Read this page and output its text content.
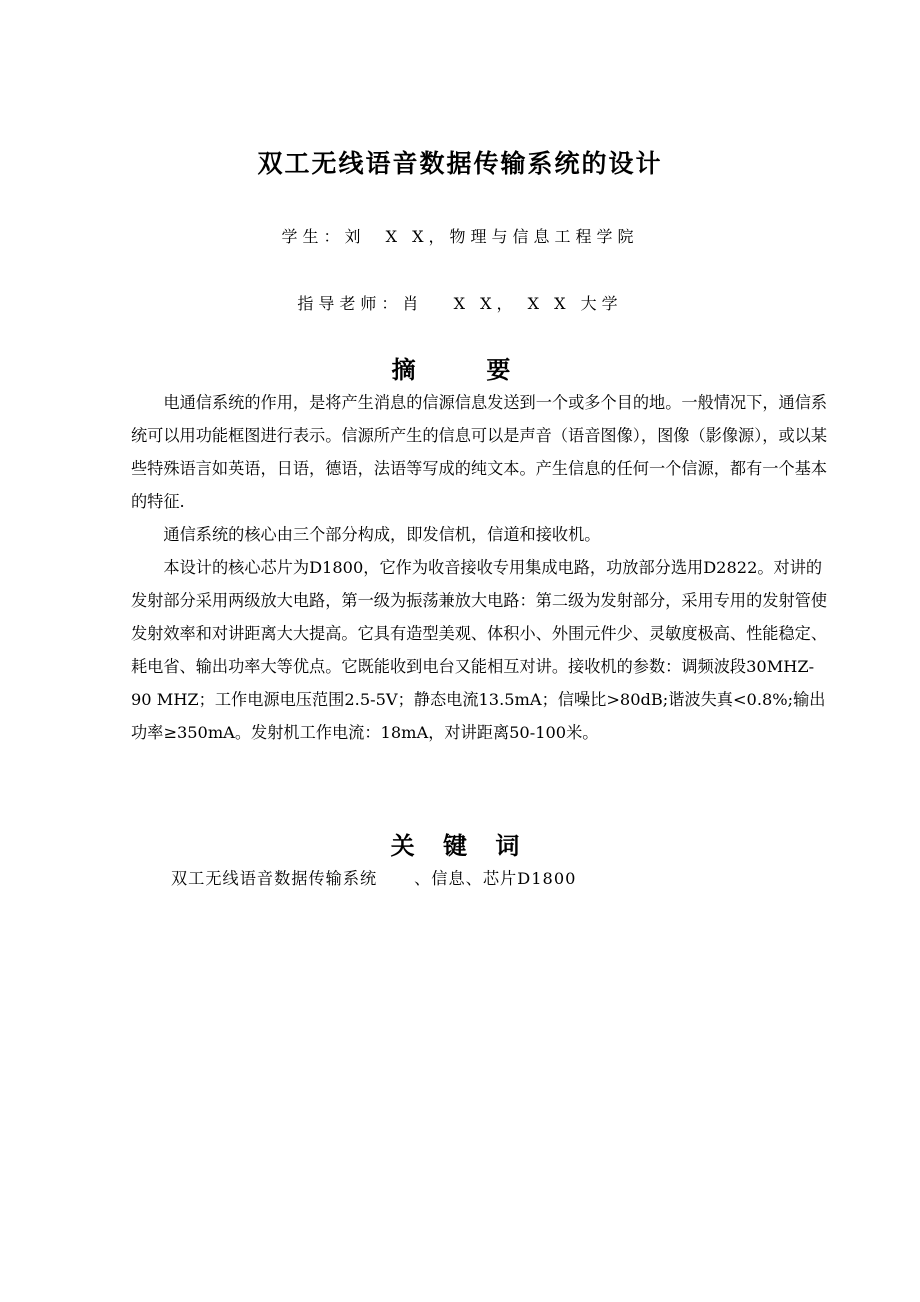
双工无线语音数据传输系统的设计
学生：刘  X X，物理与信息工程学院
指导老师：肖   X X， X X 大学
摘  要

电通信系统的作用，是将产生消息的信源信息发送到一个或多个目的地。一般情况下，通信系统可以用功能框图进行表示。信源所产生的信息可以是声音（语音图像），图像（影像源），或以某些特殊语言如英语，日语，德语，法语等写成的纯文本。产生信息的任何一个信源，都有一个基本的特征.

通信系统的核心由三个部分构成，即发信机，信道和接收机。

本设计的核心芯片为D1800，它作为收音接收专用集成电路，功放部分选用D2822。对讲的发射部分采用两级放大电路，第一级为振荡兼放大电路：第二级为发射部分，采用专用的发射管使发射效率和对讲距离大大提高。它具有造型美观、体积小、外围元件少、灵敏度极高、性能稳定、耗电省、输出功率大等优点。它既能收到电台又能相互对讲。接收机的参数：调频波段30MHZ-90 MHZ；工作电源电压范围2.5-5V；静态电流13.5mA；信噪比>80dB;谐波失真<0.8%;输出功率≥350mA。发射机工作电流：18mA，对讲距离50-100米。

关 键 词
双工无线语音数据传输系统      、信息、芯片D1800
